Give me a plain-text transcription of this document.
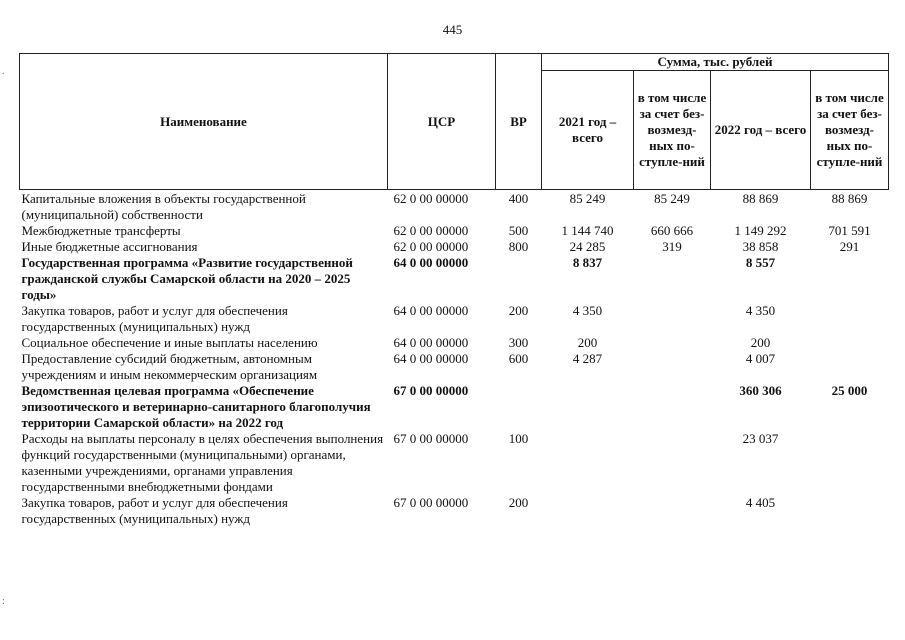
445
Наименование	ЦСР	ВР	Сумма, тыс. рублей			
			2021 год – всего	в том числе за счет без-возмезд-ных по-ступле-ний	2022 год – всего	в том числе за счет без-возмезд-ных по-ступле-ний
Капитальные вложения в объекты государственной (муниципальной) собственности	62 0 00 00000	400	85 249	85 249	88 869	88 869
Межбюджетные трансферты	62 0 00 00000	500	1 144 740	660 666	1 149 292	701 591
Иные бюджетные ассигнования	62 0 00 00000	800	24 285	319	38 858	291
Государственная программа «Развитие государственной гражданской службы Самарской области на 2020 – 2025 годы»	64 0 00 00000		8 837		8 557	
Закупка товаров, работ и услуг для обеспечения государственных (муниципальных) нужд	64 0 00 00000	200	4 350		4 350	
Социальное обеспечение и иные выплаты населению	64 0 00 00000	300	200		200	
Предоставление субсидий бюджетным, автономным учреждениям и иным некоммерческим организациям	64 0 00 00000	600	4 287		4 007	
Ведомственная целевая программа «Обеспечение эпизоотического и ветеринарно-санитарного благополучия территории Самарской области» на 2022 год	67 0 00 00000				360 306	25 000
Расходы на выплаты персоналу в целях обеспечения выполнения функций государственными (муниципальными) органами, казенными учреждениями, органами управления государственными внебюджетными фондами	67 0 00 00000	100			23 037	
Закупка товаров, работ и услуг для обеспечения государственных (муниципальных) нужд	67 0 00 00000	200			4 405	
.
:
